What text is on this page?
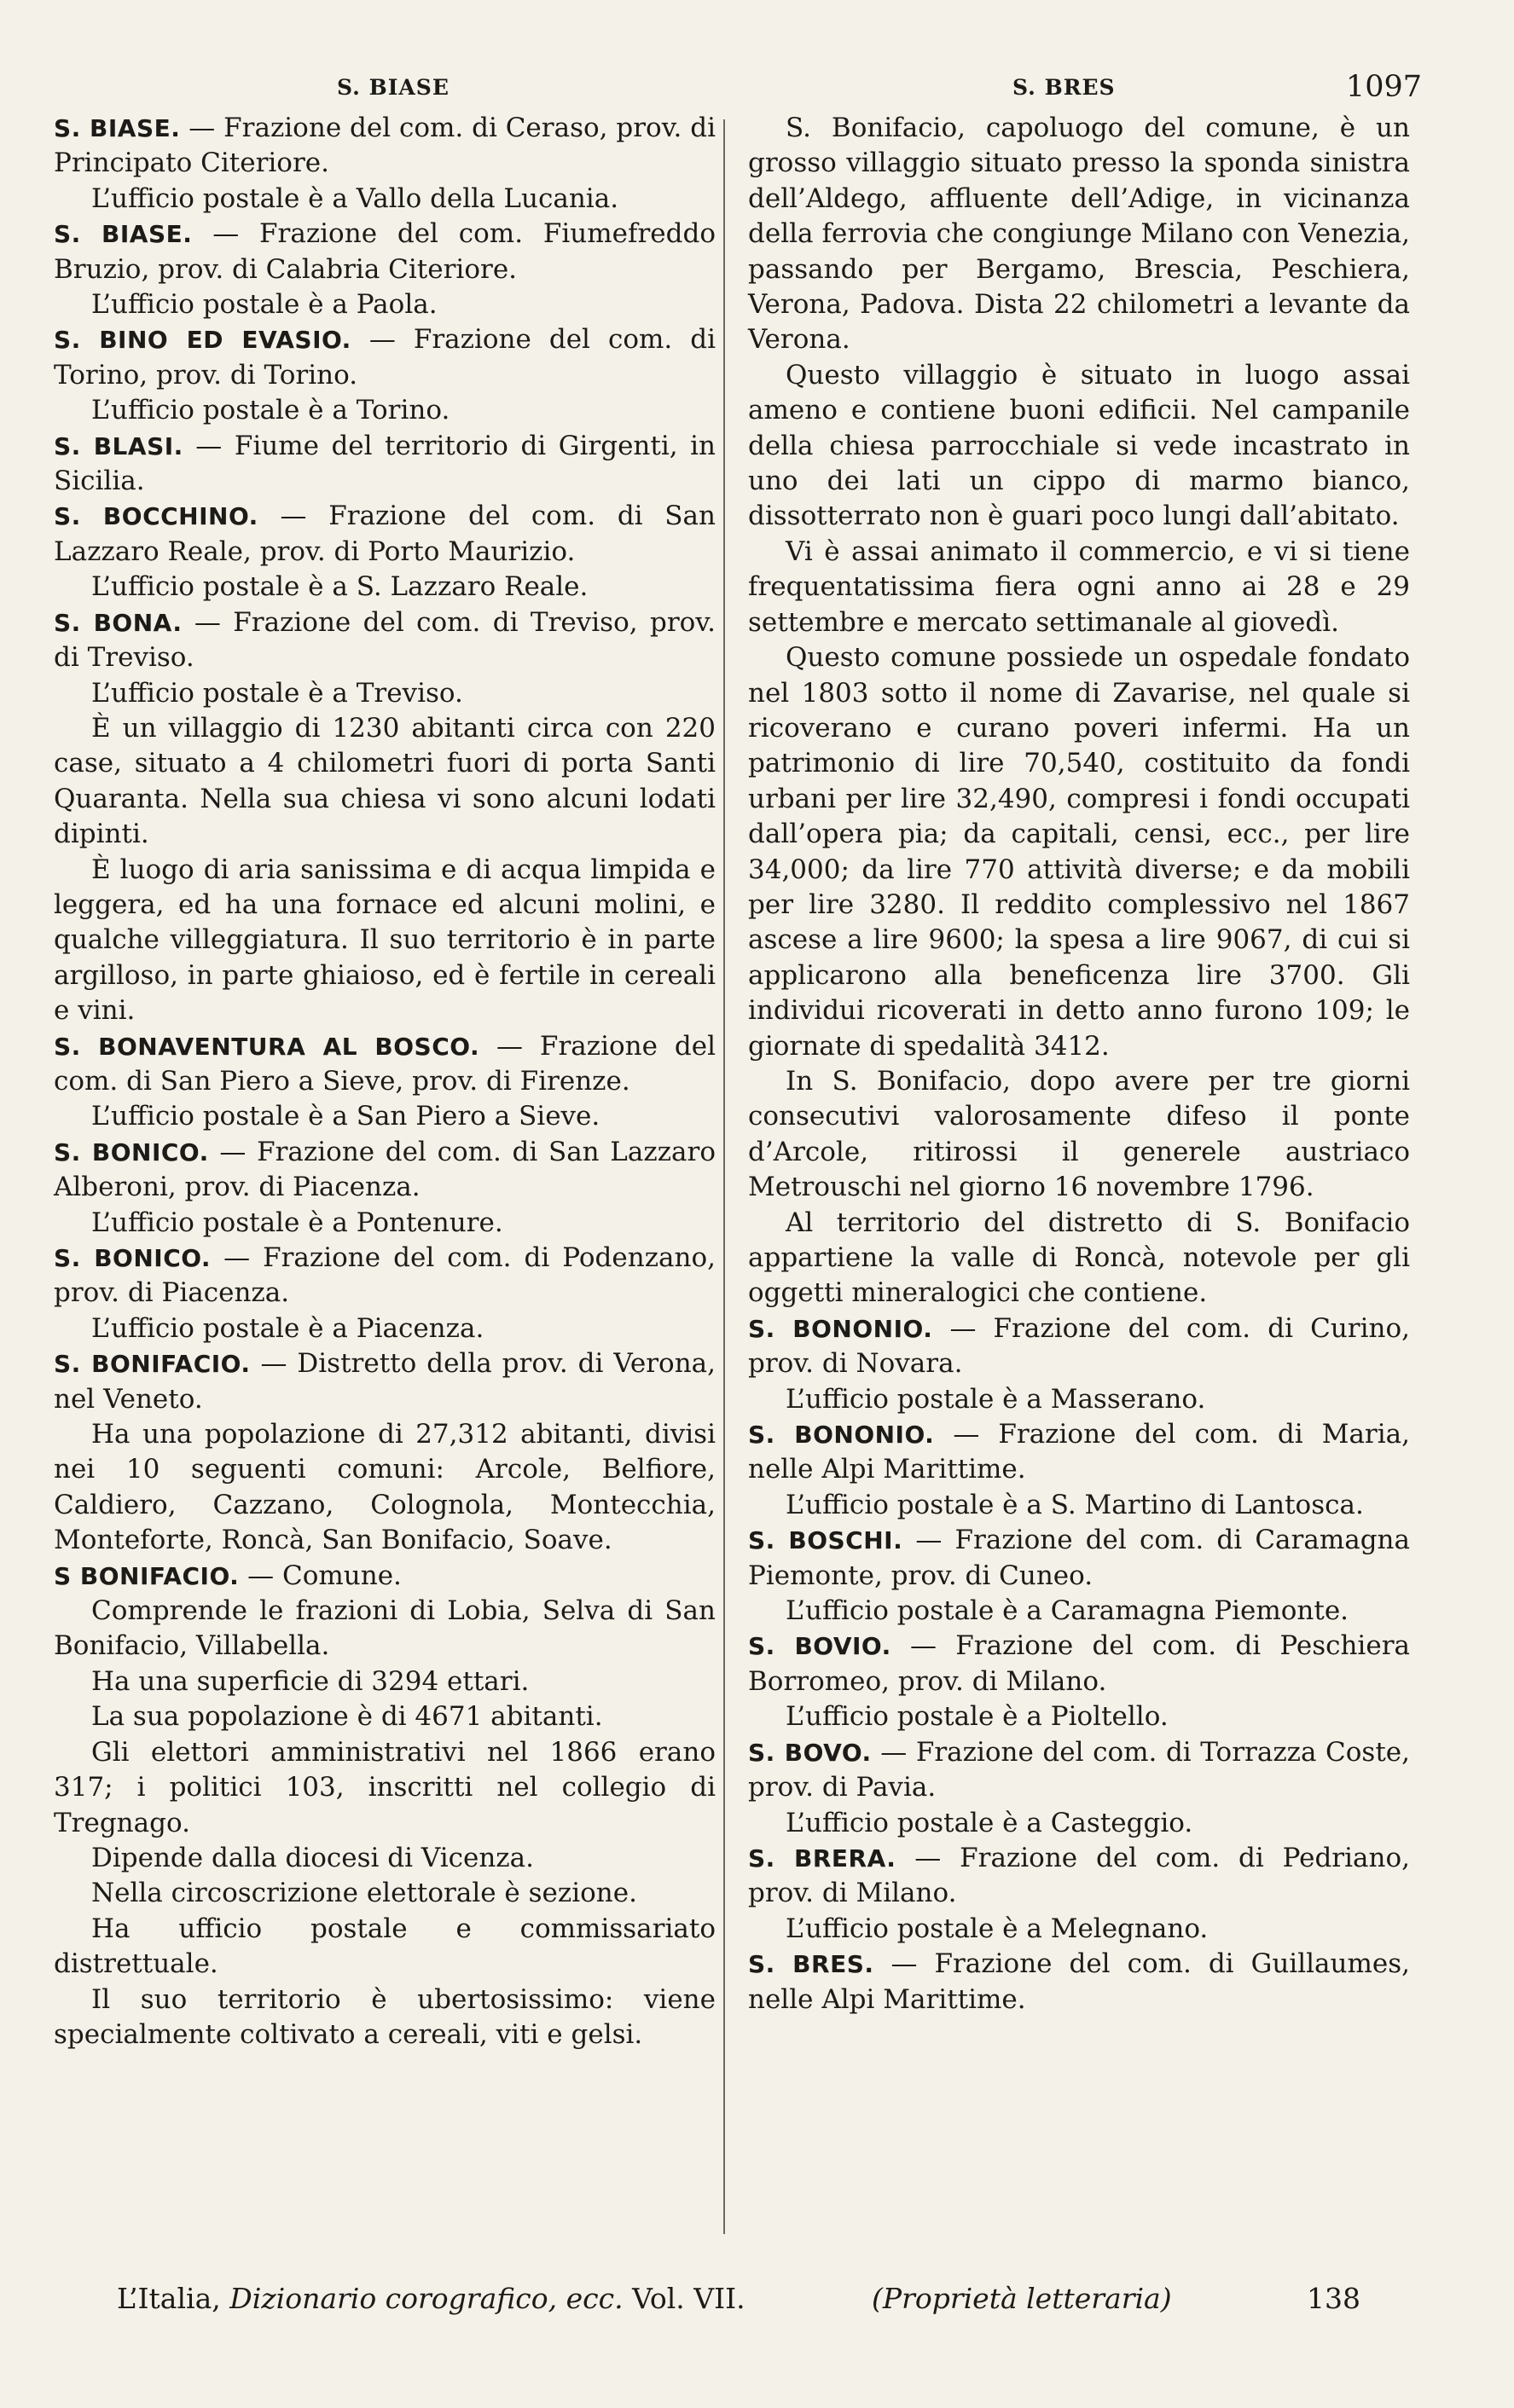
S. BIASE	S. BRES	1097

S. BIASE. — Frazione del com. di Ceraso, prov. di Principato Citeriore.

L’ufficio postale è a Vallo della Lucania.

S. BIASE. — Frazione del com. Fiumefreddo Bruzio, prov. di Calabria Citeriore.

L’ufficio postale è a Paola.

S. BINO ED EVASIO. — Frazione del com. di Torino, prov. di Torino.

L’ufficio postale è a Torino.

S. BLASI. — Fiume del territorio di Girgenti, in Sicilia.

S. BOCCHINO. — Frazione del com. di San Lazzaro Reale, prov. di Porto Maurizio.

L’ufficio postale è a S. Lazzaro Reale.

S. BONA. — Frazione del com. di Treviso, prov. di Treviso.

L’ufficio postale è a Treviso.

È un villaggio di 1230 abitanti circa con 220 case, situato a 4 chilometri fuori di porta Santi Quaranta. Nella sua chiesa vi sono alcuni lodati dipinti.

È luogo di aria sanissima e di acqua limpida e leggera, ed ha una fornace ed alcuni molini, e qualche villeggiatura. Il suo territorio è in parte argilloso, in parte ghiaioso, ed è fertile in cereali e vini.

S. BONAVENTURA AL BOSCO. — Frazione del com. di San Piero a Sieve, prov. di Firenze.

L’ufficio postale è a San Piero a Sieve.

S. BONICO. — Frazione del com. di San Lazzaro Alberoni, prov. di Piacenza.

L’ufficio postale è a Pontenure.

S. BONICO. — Frazione del com. di Podenzano, prov. di Piacenza.

L’ufficio postale è a Piacenza.

S. BONIFACIO. — Distretto della prov. di Verona, nel Veneto.

Ha una popolazione di 27,312 abitanti, divisi nei 10 seguenti comuni: Arcole, Belfiore, Caldiero, Cazzano, Colognola, Montecchia, Monteforte, Roncà, San Bonifacio, Soave.

S BONIFACIO. — Comune.

Comprende le frazioni di Lobia, Selva di San Bonifacio, Villabella.

Ha una superficie di 3294 ettari.

La sua popolazione è di 4671 abitanti.

Gli elettori amministrativi nel 1866 erano 317; i politici 103, inscritti nel collegio di Tregnago.

Dipende dalla diocesi di Vicenza.

Nella circoscrizione elettorale è sezione.

Ha ufficio postale e commissariato distrettuale.

Il suo territorio è ubertosissimo: viene specialmente coltivato a cereali, viti e gelsi.

S. Bonifacio, capoluogo del comune, è un grosso villaggio situato presso la sponda sinistra dell’Aldego, affluente dell’Adige, in vicinanza della ferrovia che congiunge Milano con Venezia, passando per Bergamo, Brescia, Peschiera, Verona, Padova. Dista 22 chilometri a levante da Verona.

Questo villaggio è situato in luogo assai ameno e contiene buoni edificii. Nel campanile della chiesa parrocchiale si vede incastrato in uno dei lati un cippo di marmo bianco, dissotterrato non è guari poco lungi dall’abitato.

Vi è assai animato il commercio, e vi si tiene frequentatissima fiera ogni anno ai 28 e 29 settembre e mercato settimanale al giovedì.

Questo comune possiede un ospedale fondato nel 1803 sotto il nome di Zavarise, nel quale si ricoverano e curano poveri infermi. Ha un patrimonio di lire 70,540, costituito da fondi urbani per lire 32,490, compresi i fondi occupati dall’opera pia; da capitali, censi, ecc., per lire 34,000; da lire 770 attività diverse; e da mobili per lire 3280. Il reddito complessivo nel 1867 ascese a lire 9600; la spesa a lire 9067, di cui si applicarono alla beneficenza lire 3700. Gli individui ricoverati in detto anno furono 109; le giornate di spedalità 3412.

In S. Bonifacio, dopo avere per tre giorni consecutivi valorosamente difeso il ponte d’Arcole, ritirossi il generele austriaco Metrouschi nel giorno 16 novembre 1796.

Al territorio del distretto di S. Bonifacio appartiene la valle di Roncà, notevole per gli oggetti mineralogici che contiene.

S. BONONIO. — Frazione del com. di Curino, prov. di Novara.

L’ufficio postale è a Masserano.

S. BONONIO. — Frazione del com. di Maria, nelle Alpi Marittime.

L’ufficio postale è a S. Martino di Lantosca.

S. BOSCHI. — Frazione del com. di Caramagna Piemonte, prov. di Cuneo.

L’ufficio postale è a Caramagna Piemonte.

S. BOVIO. — Frazione del com. di Peschiera Borromeo, prov. di Milano.

L’ufficio postale è a Pioltello.

S. BOVO. — Frazione del com. di Torrazza Coste, prov. di Pavia.

L’ufficio postale è a Casteggio.

S. BRERA. — Frazione del com. di Pedriano, prov. di Milano.

L’ufficio postale è a Melegnano.

S. BRES. — Frazione del com. di Guillaumes, nelle Alpi Marittime.

L’Italia, Dizionario corografico, ecc. Vol. VII.	(Proprietà letteraria)	138
